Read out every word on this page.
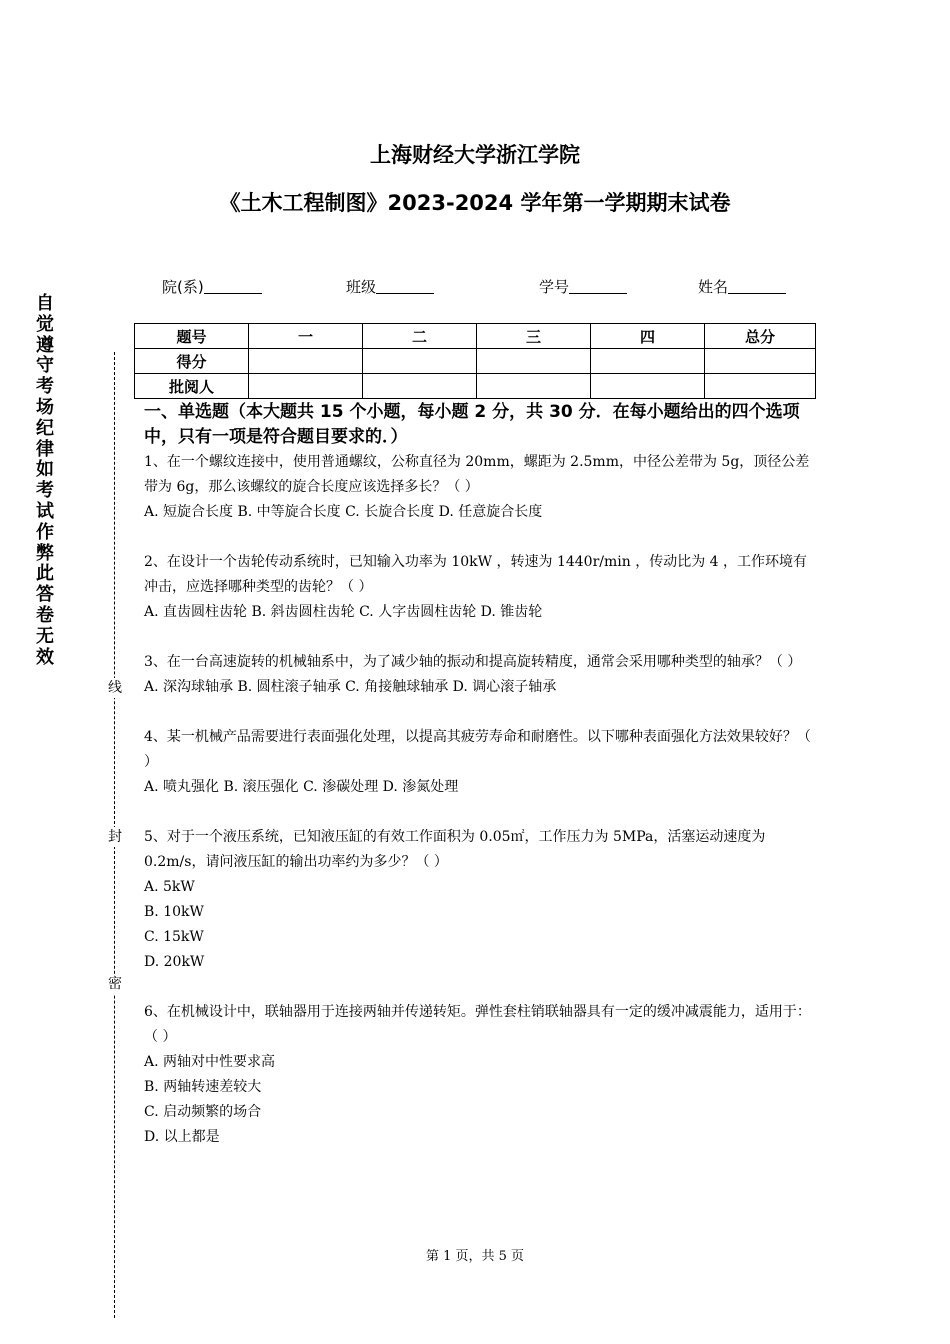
上海财经大学浙江学院
《土木工程制图》2023-2024 学年第一学期期末试卷
院(系)	班级	学号	姓名
题号	一	二	三	四	总分
得分					
批阅人					
自
觉
遵
守
考
场
纪
律
如
考
试
作
弊
此
答
卷
无
效
线
封
密

一、单选题（本大题共 15 个小题，每小题 2 分，共 30 分．在每小题给出的四个选项中，只有一项是符合题目要求的．）

1、在一个螺纹连接中，使用普通螺纹，公称直径为 20mm，螺距为 2.5mm，中径公差带为 5g，顶径公差带为 6g，那么该螺纹的旋合长度应该选择多长？（ ）

A. 短旋合长度 B. 中等旋合长度 C. 长旋合长度 D. 任意旋合长度

2、在设计一个齿轮传动系统时，已知输入功率为 10kW ，转速为 1440r/min ，传动比为 4 ，工作环境有冲击，应选择哪种类型的齿轮？（ ）

A. 直齿圆柱齿轮 B. 斜齿圆柱齿轮 C. 人字齿圆柱齿轮 D. 锥齿轮

3、在一台高速旋转的机械轴系中，为了减少轴的振动和提高旋转精度，通常会采用哪种类型的轴承？（ ）

A. 深沟球轴承 B. 圆柱滚子轴承 C. 角接触球轴承 D. 调心滚子轴承

4、某一机械产品需要进行表面强化处理，以提高其疲劳寿命和耐磨性。以下哪种表面强化方法效果较好？（ ）

A. 喷丸强化 B. 滚压强化 C. 渗碳处理 D. 渗氮处理

5、对于一个液压系统，已知液压缸的有效工作面积为 0.05㎡，工作压力为 5MPa，活塞运动速度为 0.2m/s，请问液压缸的输出功率约为多少？（ ）

A. 5kW

B. 10kW

C. 15kW

D. 20kW

6、在机械设计中，联轴器用于连接两轴并传递转矩。弹性套柱销联轴器具有一定的缓冲减震能力，适用于：（ ）

A. 两轴对中性要求高

B. 两轴转速差较大

C. 启动频繁的场合

D. 以上都是

第 1 页，共 5 页
